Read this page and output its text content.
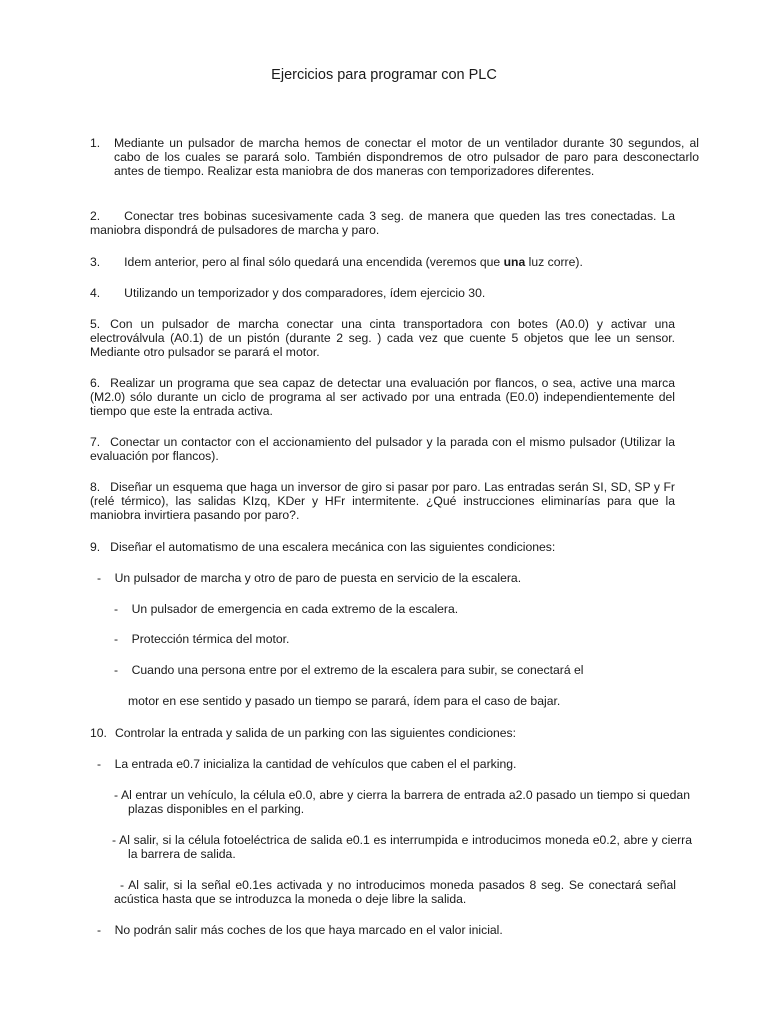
Ejercicios para programar con PLC
1. Mediante un pulsador de marcha hemos de conectar el motor de un ventilador durante 30 segundos, al cabo de los cuales se parará solo. También dispondremos de otro pulsador de paro para desconectarlo antes de tiempo. Realizar esta maniobra de dos maneras con temporizadores diferentes.
2. Conectar tres bobinas sucesivamente cada 3 seg. de manera que queden las tres conectadas. La maniobra dispondrá de pulsadores de marcha y paro.
3. Idem anterior, pero al final sólo quedará una encendida (veremos que una luz corre).
4. Utilizando un temporizador y dos comparadores, ídem ejercicio 30.
5. Con un pulsador de marcha conectar una cinta transportadora con botes (A0.0) y activar una electroválvula (A0.1) de un pistón (durante 2 seg. ) cada vez que cuente 5 objetos que lee un sensor. Mediante otro pulsador se parará el motor.
6. Realizar un programa que sea capaz de detectar una evaluación por flancos, o sea, active una marca (M2.0) sólo durante un ciclo de programa al ser activado por una entrada (E0.0) independientemente del tiempo que este la entrada activa.
7. Conectar un contactor con el accionamiento del pulsador y la parada con el mismo pulsador (Utilizar la evaluación por flancos).
8. Diseñar un esquema que haga un inversor de giro si pasar por paro. Las entradas serán SI, SD, SP y Fr (relé térmico), las salidas KIzq, KDer y HFr intermitente. ¿Qué instrucciones eliminarías para que la maniobra invirtiera pasando por paro?.
9. Diseñar el automatismo de una escalera mecánica con las siguientes condiciones:
-    Un pulsador de marcha y otro de paro de puesta en servicio de la escalera.
-    Un pulsador de emergencia en cada extremo de la escalera.
-    Protección térmica del motor.
-    Cuando una persona entre por el extremo de la escalera para subir, se conectará el
motor en ese sentido y pasado un tiempo se parará, ídem para el caso de bajar.
10. Controlar la entrada y salida de un parking con las siguientes condiciones:
-    La entrada e0.7 inicializa la cantidad de vehículos que caben el el parking.
- Al entrar un vehículo, la célula e0.0, abre y cierra la barrera de entrada a2.0 pasado un tiempo si quedan plazas disponibles en el parking.
- Al salir, si la célula fotoeléctrica de salida e0.1 es interrumpida e introducimos moneda e0.2, abre y cierra la barrera de salida.
- Al salir, si la señal e0.1es activada y no introducimos moneda pasados 8 seg. Se conectará señal acústica hasta que se introduzca la moneda o deje libre la salida.
-    No podrán salir más coches de los que haya marcado en el valor inicial.
